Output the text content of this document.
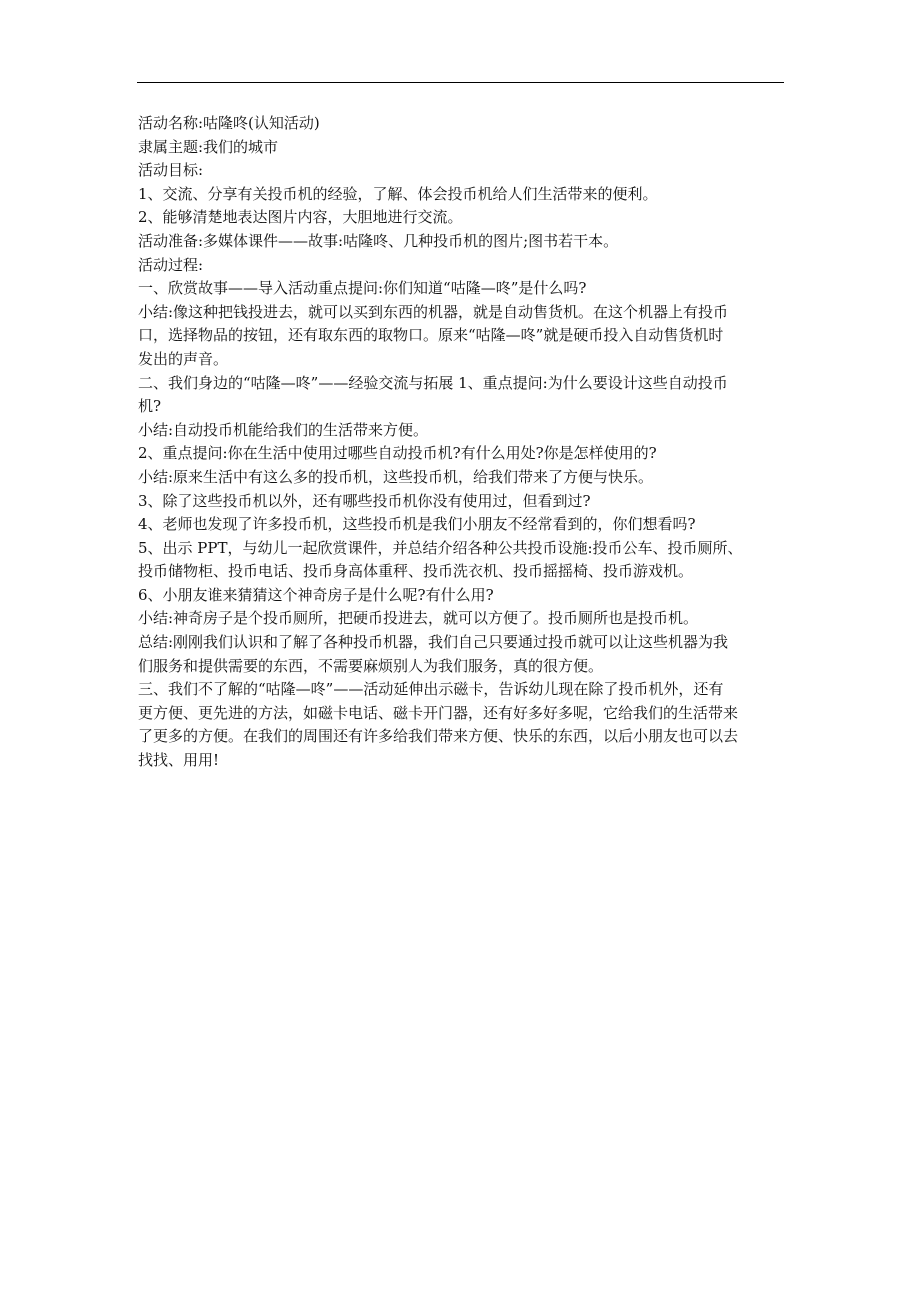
活动名称:咕隆咚(认知活动)
隶属主题:我们的城市
活动目标:
1、交流、分享有关投币机的经验，了解、体会投币机给人们生活带来的便利。
2、能够清楚地表达图片内容，大胆地进行交流。
活动准备:多媒体课件——故事:咕隆咚、几种投币机的图片;图书若干本。
活动过程:
一、欣赏故事——导入活动重点提问:你们知道“咕隆—咚”是什么吗?
小结:像这种把钱投进去，就可以买到东西的机器，就是自动售货机。在这个机器上有投币
口，选择物品的按钮，还有取东西的取物口。原来“咕隆—咚”就是硬币投入自动售货机时
发出的声音。
二、我们身边的“咕隆—咚”——经验交流与拓展 1、重点提问:为什么要设计这些自动投币
机?
小结:自动投币机能给我们的生活带来方便。
2、重点提问:你在生活中使用过哪些自动投币机?有什么用处?你是怎样使用的?
小结:原来生活中有这么多的投币机，这些投币机，给我们带来了方便与快乐。
3、除了这些投币机以外，还有哪些投币机你没有使用过，但看到过?
4、老师也发现了许多投币机，这些投币机是我们小朋友不经常看到的，你们想看吗?
5、出示 PPT，与幼儿一起欣赏课件，并总结介绍各种公共投币设施:投币公车、投币厕所、
投币储物柜、投币电话、投币身高体重秤、投币洗衣机、投币摇摇椅、投币游戏机。
6、小朋友谁来猜猜这个神奇房子是什么呢?有什么用?
小结:神奇房子是个投币厕所，把硬币投进去，就可以方便了。投币厕所也是投币机。
总结:刚刚我们认识和了解了各种投币机器，我们自己只要通过投币就可以让这些机器为我
们服务和提供需要的东西，不需要麻烦别人为我们服务，真的很方便。
三、我们不了解的“咕隆—咚”——活动延伸出示磁卡，告诉幼儿现在除了投币机外，还有
更方便、更先进的方法，如磁卡电话、磁卡开门器，还有好多好多呢，它给我们的生活带来
了更多的方便。在我们的周围还有许多给我们带来方便、快乐的东西，以后小朋友也可以去
找找、用用!
